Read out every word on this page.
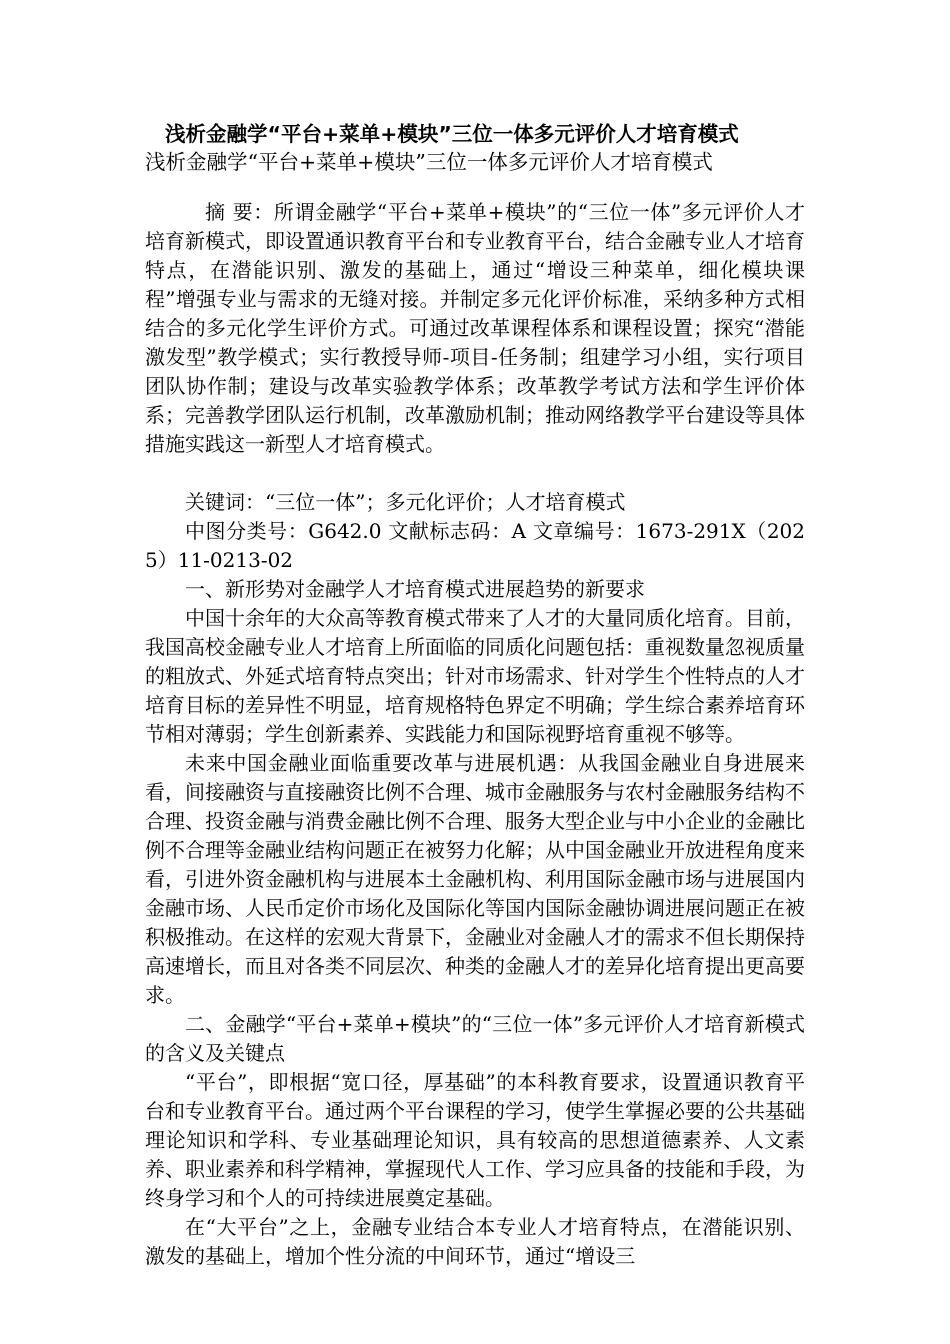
浅析金融学“平台+菜单+模块”三位一体多元评价人才培育模式
浅析金融学“平台+菜单+模块”三位一体多元评价人才培育模式

摘 要：所谓金融学“平台+菜单+模块”的“三位一体”多元评价人才培育新模式，即设置通识教育平台和专业教育平台，结合金融专业人才培育特点，在潜能识别、激发的基础上，通过“增设三种菜单，细化模块课程”增强专业与需求的无缝对接。并制定多元化评价标准，采纳多种方式相结合的多元化学生评价方式。可通过改革课程体系和课程设置；探究“潜能激发型”教学模式；实行教授导师-项目-任务制；组建学习小组，实行项目团队协作制；建设与改革实验教学体系；改革教学考试方法和学生评价体系；完善教学团队运行机制，改革激励机制；推动网络教学平台建设等具体措施实践这一新型人才培育模式。

关键词：“三位一体”；多元化评价；人才培育模式

中图分类号：G642.0 文献标志码：A 文章编号：1673-291X（2025）11-0213-02

一、新形势对金融学人才培育模式进展趋势的新要求

中国十余年的大众高等教育模式带来了人才的大量同质化培育。目前，我国高校金融专业人才培育上所面临的同质化问题包括：重视数量忽视质量的粗放式、外延式培育特点突出；针对市场需求、针对学生个性特点的人才培育目标的差异性不明显，培育规格特色界定不明确；学生综合素养培育环节相对薄弱；学生创新素养、实践能力和国际视野培育重视不够等。

未来中国金融业面临重要改革与进展机遇：从我国金融业自身进展来看，间接融资与直接融资比例不合理、城市金融服务与农村金融服务结构不合理、投资金融与消费金融比例不合理、服务大型企业与中小企业的金融比例不合理等金融业结构问题正在被努力化解；从中国金融业开放进程角度来看，引进外资金融机构与进展本土金融机构、利用国际金融市场与进展国内金融市场、人民币定价市场化及国际化等国内国际金融协调进展问题正在被积极推动。在这样的宏观大背景下，金融业对金融人才的需求不但长期保持高速增长，而且对各类不同层次、种类的金融人才的差异化培育提出更高要求。

二、金融学“平台+菜单+模块”的“三位一体”多元评价人才培育新模式的含义及关键点

“平台”，即根据“宽口径，厚基础”的本科教育要求，设置通识教育平台和专业教育平台。通过两个平台课程的学习，使学生掌握必要的公共基础理论知识和学科、专业基础理论知识，具有较高的思想道德素养、人文素养、职业素养和科学精神，掌握现代人工作、学习应具备的技能和手段，为终身学习和个人的可持续进展奠定基础。

在“大平台”之上，金融专业结合本专业人才培育特点，在潜能识别、激发的基础上，增加个性分流的中间环节，通过“增设三
